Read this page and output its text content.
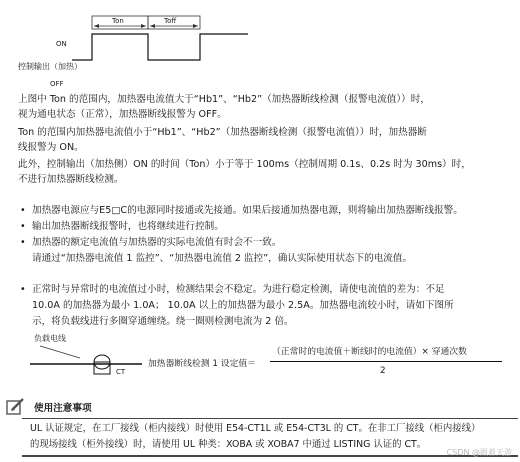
Ton	Toff
ON
控制输出（加热）
OFF
上图中 Ton 的范围内，加热器电流值大于“Hb1”、“Hb2”（加热器断线检测（报警电流值））时，
视为通电状态（正常），加热器断线报警为 OFF。
Ton 的范围内加热器电流值小于“Hb1”、“Hb2”（加热器断线检测（报警电流值））时，加热器断
线报警为 ON。
此外，控制输出（加热侧）ON 的时间（Ton）小于等于 100ms（控制周期 0.1s、0.2s 时为 30ms）时，
不进行加热器断线检测。
• 加热器电源应与E5□C的电源同时接通或先接通。如果后接通加热器电源，则将输出加热器断线报警。
• 输出加热器断线报警时，也将继续进行控制。
• 加热器的额定电流值与加热器的实际电流值有时会不一致。
请通过“加热器电流值 1 监控”、“加热器电流值 2 监控”，确认实际使用状态下的电流值。
• 正常时与异常时的电流值过小时，检测结果会不稳定。为进行稳定检测，请使电流值的差为：不足
10.0A 的加热器为最小 1.0A； 10.0A 以上的加热器为最小 2.5A。加热器电流较小时，请如下图所
示，将负载线进行多圈穿通缠绕。绕一圈则检测电流为 2 倍。
负载电线
CT
加热器断线检测 1 设定值＝
（正常时的电流值＋断线时的电流值）× 穿通次数
2
使用注意事项
UL 认证规定，在工厂接线（柜内接线）时使用 E54-CT1L 或 E54-CT3L 的 CT。在非工厂接线（柜内接线）
的现场接线（柜外接线）时，请使用 UL 种类：XOBA 或 XOBA7 中通过 LISTING 认证的 CT。
CSDN @跟着天游
